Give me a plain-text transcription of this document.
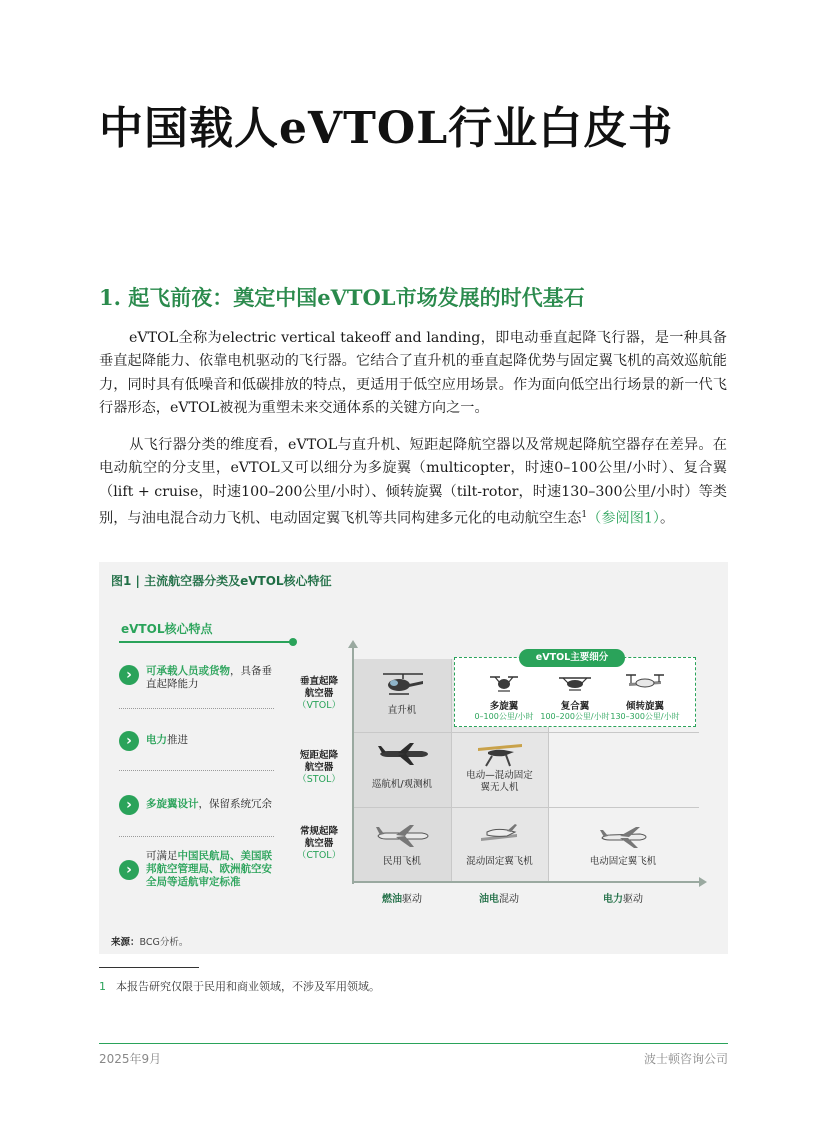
中国载人eVTOL行业白皮书
1. 起飞前夜：奠定中国eVTOL市场发展的时代基石

eVTOL全称为electric vertical takeoff and landing，即电动垂直起降飞行器，是一种具备垂直起降能力、依靠电机驱动的飞行器。它结合了直升机的垂直起降优势与固定翼飞机的高效巡航能力，同时具有低噪音和低碳排放的特点，更适用于低空应用场景。作为面向低空出行场景的新一代飞行器形态，eVTOL被视为重塑未来交通体系的关键方向之一。

从飞行器分类的维度看，eVTOL与直升机、短距起降航空器以及常规起降航空器存在差异。在电动航空的分支里，eVTOL又可以细分为多旋翼（multicopter，时速0–100公里/小时）、复合翼（lift + cruise，时速100–200公里/小时）、倾转旋翼（tilt-rotor，时速130–300公里/小时）等类别，与油电混合动力飞机、电动固定翼飞机等共同构建多元化的电动航空生态$^1$（参阅图1）。

图1 | 主流航空器分类及eVTOL核心特征
eVTOL核心特点
›	可承载人员或货物，具备垂直起降能力
›	电力推进
›	多旋翼设计，保留系统冗余
›
可满足中国民航局、美国联邦航空管理局、欧洲航空安全局等适航审定标准
垂直起降航空器
（VTOL）
短距起降航空器
（STOL）
常规起降航空器
（CTOL）
燃油驱动	油电混动	电力驱动
直升机
巡航机/观测机
电动—混动固定翼无人机
民用飞机	混动固定翼飞机	电动固定翼飞机
eVTOL主要细分
多旋翼
0–100公里/小时
复合翼
100–200公里/小时
倾转旋翼
130–300公里/小时
来源：BCG分析。
1 本报告研究仅限于民用和商业领域，不涉及军用领域。
2025年9月	波士顿咨询公司
